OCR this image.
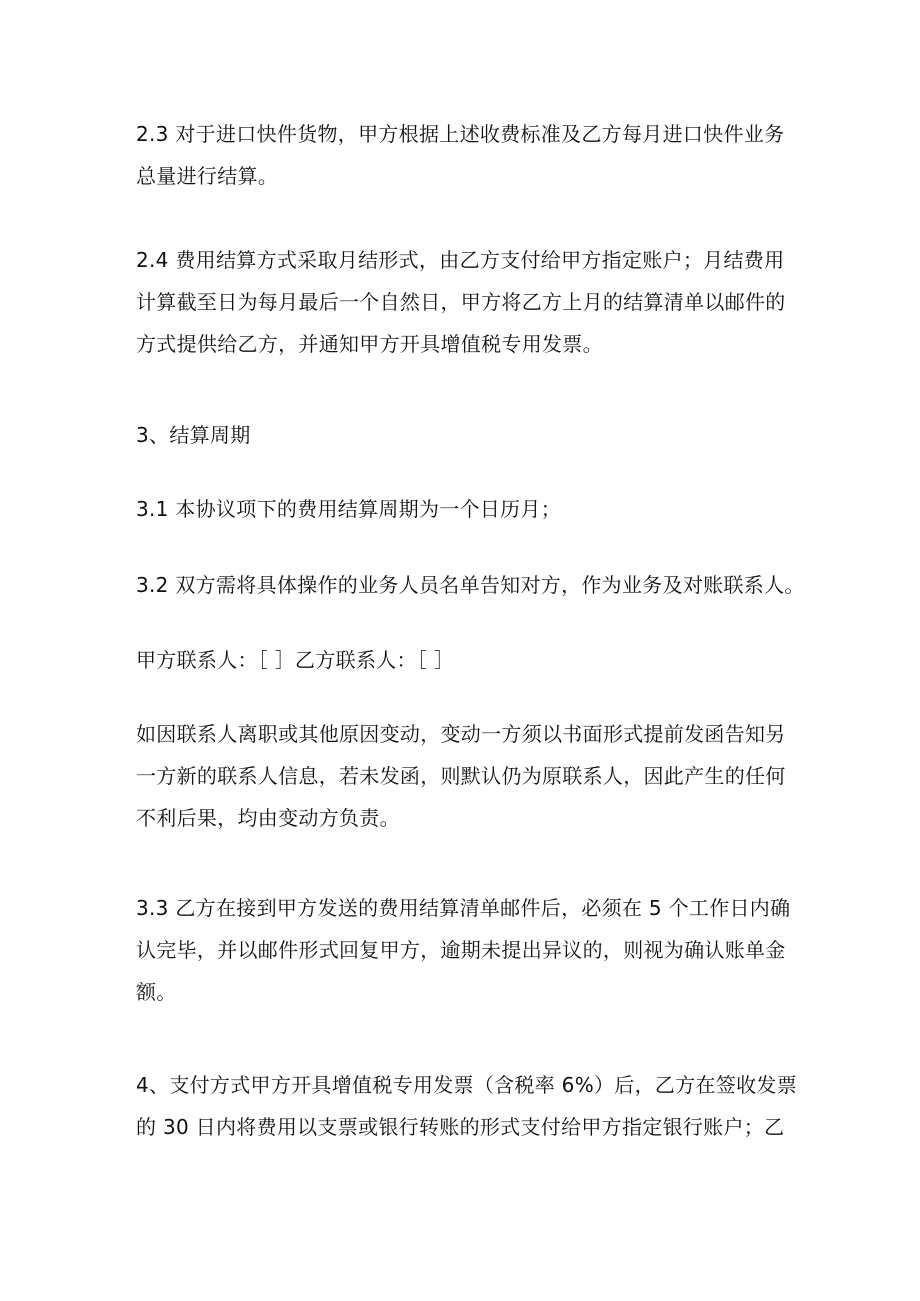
2.3 对于进口快件货物，甲方根据上述收费标准及乙方每月进口快件业务
总量进行结算。

2.4 费用结算方式采取月结形式，由乙方支付给甲方指定账户；月结费用
计算截至日为每月最后一个自然日，甲方将乙方上月的结算清单以邮件的
方式提供给乙方，并通知甲方开具增值税专用发票。

3、结算周期

3.1 本协议项下的费用结算周期为一个日历月；

3.2 双方需将具体操作的业务人员名单告知对方，作为业务及对账联系人。

甲方联系人：［ ］乙方联系人：［ ］

如因联系人离职或其他原因变动，变动一方须以书面形式提前发函告知另
一方新的联系人信息，若未发函，则默认仍为原联系人，因此产生的任何
不利后果，均由变动方负责。

3.3 乙方在接到甲方发送的费用结算清单邮件后，必须在 5 个工作日内确
认完毕，并以邮件形式回复甲方，逾期未提出异议的，则视为确认账单金
额。

4、支付方式甲方开具增值税专用发票（含税率 6%）后，乙方在签收发票
的 30 日内将费用以支票或银行转账的形式支付给甲方指定银行账户；乙
